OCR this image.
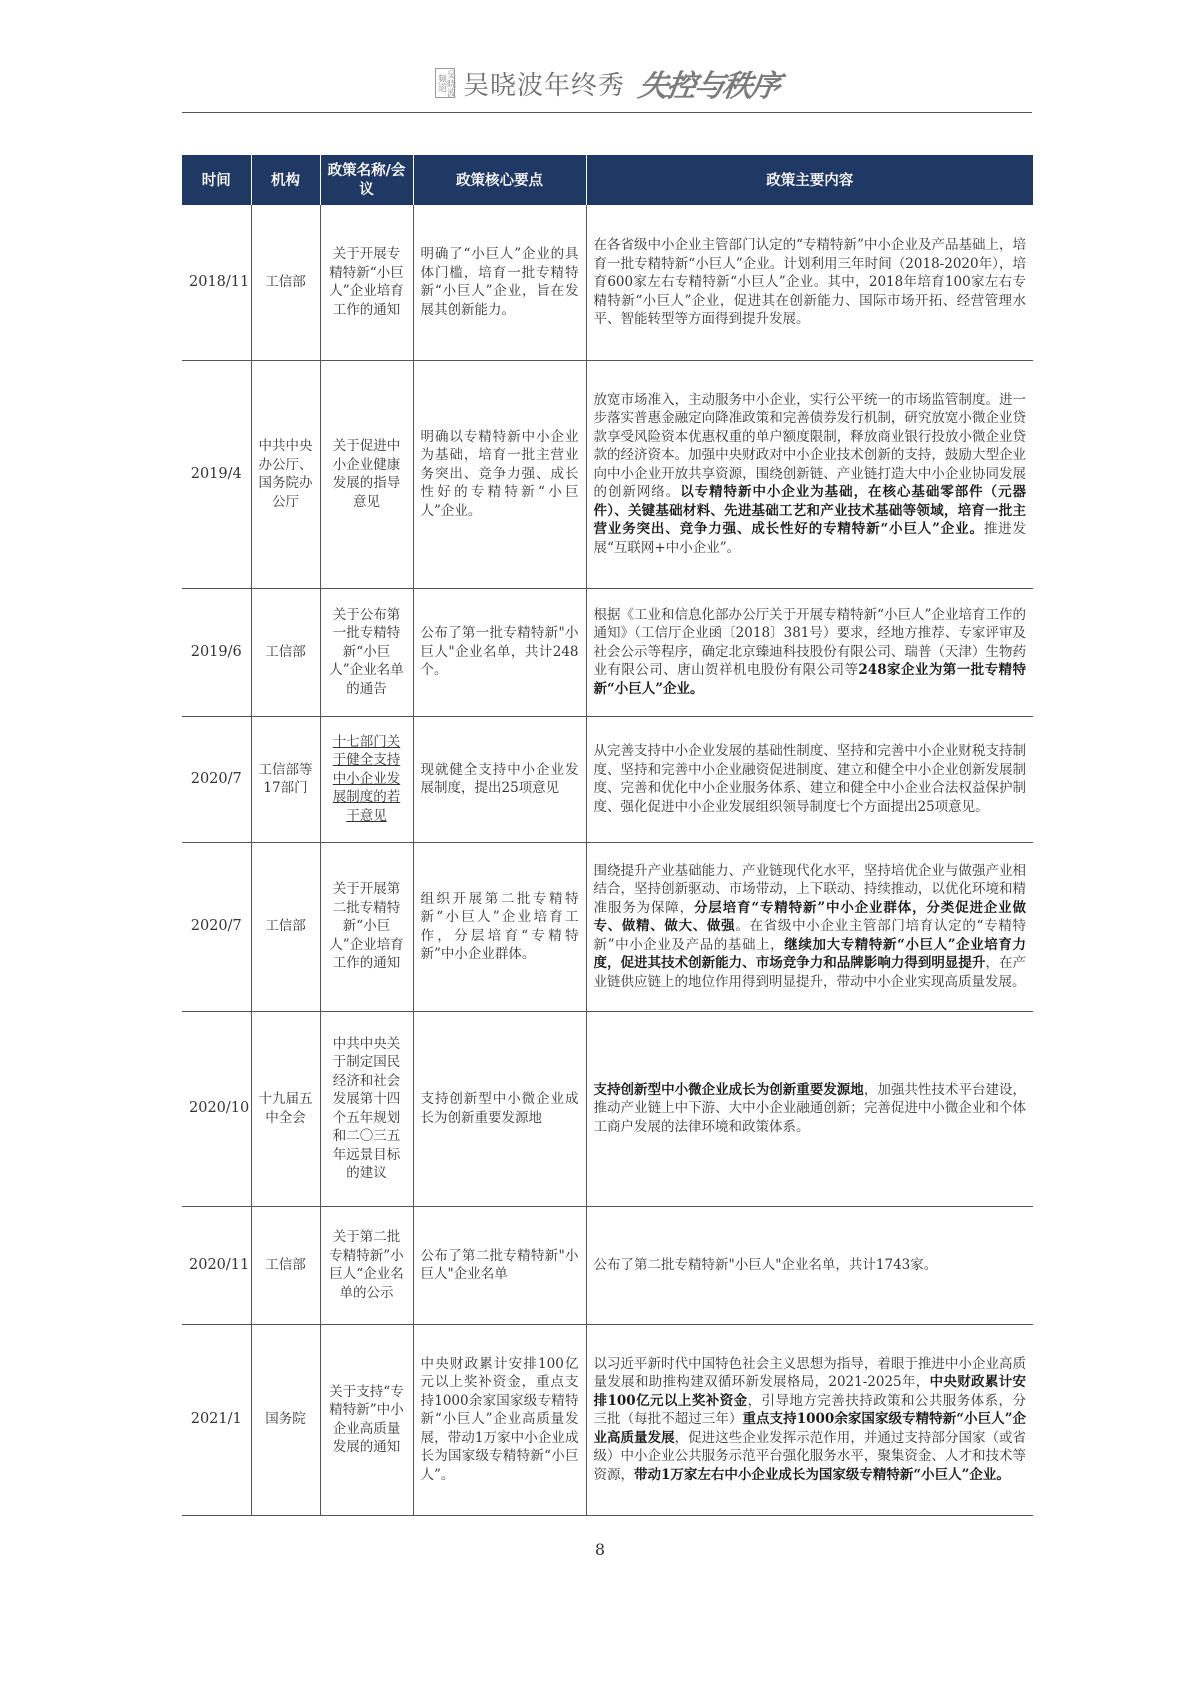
吴晓波频道 吴晓波年终秀 失控与秩序
时间	机构	政策名称/会议	政策核心要点	政策主要内容
2018/11	工信部	关于开展专精特新“小巨人”企业培育工作的通知	明确了“小巨人”企业的具体门槛，培育一批专精特新“小巨人”企业，旨在发展其创新能力。	在各省级中小企业主管部门认定的“专精特新”中小企业及产品基础上，培育一批专精特新“小巨人”企业。计划利用三年时间（2018-2020年），培育600家左右专精特新“小巨人”企业。其中，2018年培育100家左右专精特新“小巨人”企业，促进其在创新能力、国际市场开拓、经营管理水平、智能转型等方面得到提升发展。
2019/4	中共中央办公厅、国务院办公厅	关于促进中小企业健康发展的指导意见	明确以专精特新中小企业为基础，培育一批主营业务突出、竞争力强、成长性好的专精特新“小巨人”企业。	放宽市场准入，主动服务中小企业，实行公平统一的市场监管制度。进一步落实普惠金融定向降准政策和完善债券发行机制，研究放宽小微企业贷款享受风险资本优惠权重的单户额度限制，释放商业银行投放小微企业贷款的经济资本。加强中央财政对中小企业技术创新的支持，鼓励大型企业向中小企业开放共享资源，围绕创新链、产业链打造大中小企业协同发展的创新网络。以专精特新中小企业为基础，在核心基础零部件（元器件）、关键基础材料、先进基础工艺和产业技术基础等领域，培育一批主营业务突出、竞争力强、成长性好的专精特新“小巨人”企业。推进发展“互联网+中小企业”。
2019/6	工信部	关于公布第一批专精特新“小巨人”企业名单的通告	公布了第一批专精特新"小巨人"企业名单，共计248个。	根据《工业和信息化部办公厅关于开展专精特新“小巨人”企业培育工作的通知》（工信厅企业函〔2018〕381号）要求，经地方推荐、专家评审及社会公示等程序，确定北京臻迪科技股份有限公司、瑞普（天津）生物药业有限公司、唐山贺祥机电股份有限公司等248家企业为第一批专精特新“小巨人”企业。
2020/7	工信部等17部门	十七部门关于健全支持中小企业发展制度的若干意见	现就健全支持中小企业发展制度，提出25项意见	从完善支持中小企业发展的基础性制度、坚持和完善中小企业财税支持制度、坚持和完善中小企业融资促进制度、建立和健全中小企业创新发展制度、完善和优化中小企业服务体系、建立和健全中小企业合法权益保护制度、强化促进中小企业发展组织领导制度七个方面提出25项意见。
2020/7	工信部	关于开展第二批专精特新“小巨人”企业培育工作的通知	组织开展第二批专精特新“小巨人”企业培育工作，分层培育“专精特新”中小企业群体。	围绕提升产业基础能力、产业链现代化水平，坚持培优企业与做强产业相结合，坚持创新驱动、市场带动，上下联动、持续推动，以优化环境和精准服务为保障，分层培育“专精特新”中小企业群体，分类促进企业做专、做精、做大、做强。在省级中小企业主管部门培育认定的“专精特新”中小企业及产品的基础上，继续加大专精特新“小巨人”企业培育力度，促进其技术创新能力、市场竞争力和品牌影响力得到明显提升，在产业链供应链上的地位作用得到明显提升，带动中小企业实现高质量发展。
2020/10	十九届五中全会	中共中央关于制定国民经济和社会发展第十四个五年规划和二〇三五年远景目标的建议	支持创新型中小微企业成长为创新重要发源地	支持创新型中小微企业成长为创新重要发源地，加强共性技术平台建设，推动产业链上中下游、大中小企业融通创新；完善促进中小微企业和个体工商户发展的法律环境和政策体系。
2020/11	工信部	关于第二批专精特新”小巨人“企业名单的公示	公布了第二批专精特新"小巨人"企业名单	公布了第二批专精特新"小巨人"企业名单，共计1743家。
2021/1	国务院	关于支持“专精特新”中小企业高质量发展的通知	中央财政累计安排100亿元以上奖补资金，重点支持1000余家国家级专精特新“小巨人”企业高质量发展，带动1万家中小企业成长为国家级专精特新“小巨人”。	以习近平新时代中国特色社会主义思想为指导，着眼于推进中小企业高质量发展和助推构建双循环新发展格局，2021-2025年，中央财政累计安排100亿元以上奖补资金，引导地方完善扶持政策和公共服务体系，分三批（每批不超过三年）重点支持1000余家国家级专精特新“小巨人”企业高质量发展，促进这些企业发挥示范作用，并通过支持部分国家（或省级）中小企业公共服务示范平台强化服务水平，聚集资金、人才和技术等资源，带动1万家左右中小企业成长为国家级专精特新“小巨人”企业。
8
